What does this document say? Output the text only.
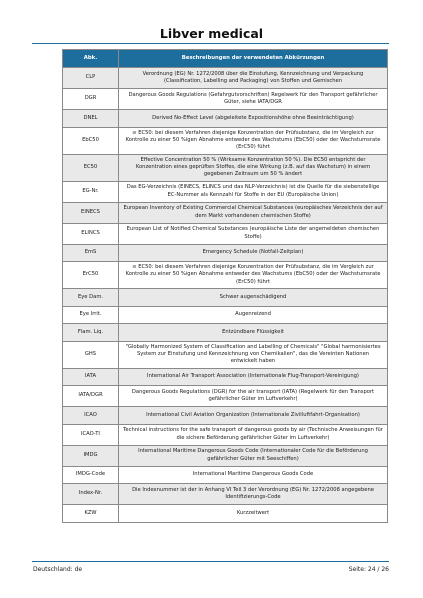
Libver medical
Abk.	Beschreibungen der verwendeten Abkürzungen
CLP	Verordnung (EG) Nr. 1272/2008 über die Einstufung, Kennzeichnung und Verpackung (Classification, Labelling and Packaging) von Stoffen und Gemischen
DGR	Dangerous Goods Regulations (Gefahrgutvorschriften) Regelwerk für den Transport gefährlicher Güter, siehe IATA/DGR
DNEL	Derived No-Effect Level (abgeleitete Expositionshöhe ohne Beeinträchtigung)
EbC50	≡ EC50: bei diesem Verfahren diejenige Konzentration der Prüfsubstanz, die im Vergleich zur Kontrolle zu einer 50 %igen Abnahme entweder des Wachstums (EbC50) oder der Wachstumsrate (ErC50) führt
EC50	Effective Concentration 50 % (Wirksame Konzentration 50 %). Die EC50 entspricht der Konzentration eines geprüften Stoffes, die eine Wirkung (z.B. auf das Wachstum) in einem gegebenen Zeitraum um 50 % ändert
EG-Nr.	Das EG-Verzeichnis (EINECS, ELINCS und das NLP-Verzeichnis) ist die Quelle für die siebenstellige EC-Nummer als Kennzahl für Stoffe in der EU (Europäische Union)
EINECS	European Inventory of Existing Commercial Chemical Substances (europäisches Verzeichnis der auf dem Markt vorhandenen chemischen Stoffe)
ELINCS	European List of Notified Chemical Substances (europäische Liste der angemeldeten chemischen Stoffe)
EmS	Emergency Schedule (Notfall-Zeitplan)
ErC50	≡ EC50: bei diesem Verfahren diejenige Konzentration der Prüfsubstanz, die im Vergleich zur Kontrolle zu einer 50 %igen Abnahme entweder des Wachstums (EbC50) oder der Wachstumsrate (ErC50) führt
Eye Dam.	Schwer augenschädigend
Eye Irrit.	Augenreizend
Flam. Liq.	Entzündbare Flüssigkeit
GHS	"Globally Harmonized System of Classification and Labelling of Chemicals" "Global harmonisiertes System zur Einstufung und Kennzeichnung von Chemikalien", das die Vereinten Nationen entwickelt haben
IATA	International Air Transport Association (Internationale Flug-Transport-Vereinigung)
IATA/DGR	Dangerous Goods Regulations (DGR) for the air transport (IATA) (Regelwerk für den Transport gefährlicher Güter im Luftverkehr)
ICAO	International Civil Aviation Organization (Internationale Zivilluftfahrt-Organisation)
ICAO-TI	Technical instructions for the safe transport of dangerous goods by air (Technische Anweisungen für die sichere Beförderung gefährlicher Güter im Luftverkehr)
IMDG	International Maritime Dangerous Goods Code (Internationaler Code für die Beförderung gefährlicher Güter mit Seeschiffen)
IMDG-Code	International Maritime Dangerous Goods Code
Index-Nr.	Die Indexnummer ist der in Anhang VI Teil 3 der Verordnung (EG) Nr. 1272/2008 angegebene Identifizierungs-Code
KZW	Kurzzeitwert
Deutschland: de	Seite: 24 / 26
